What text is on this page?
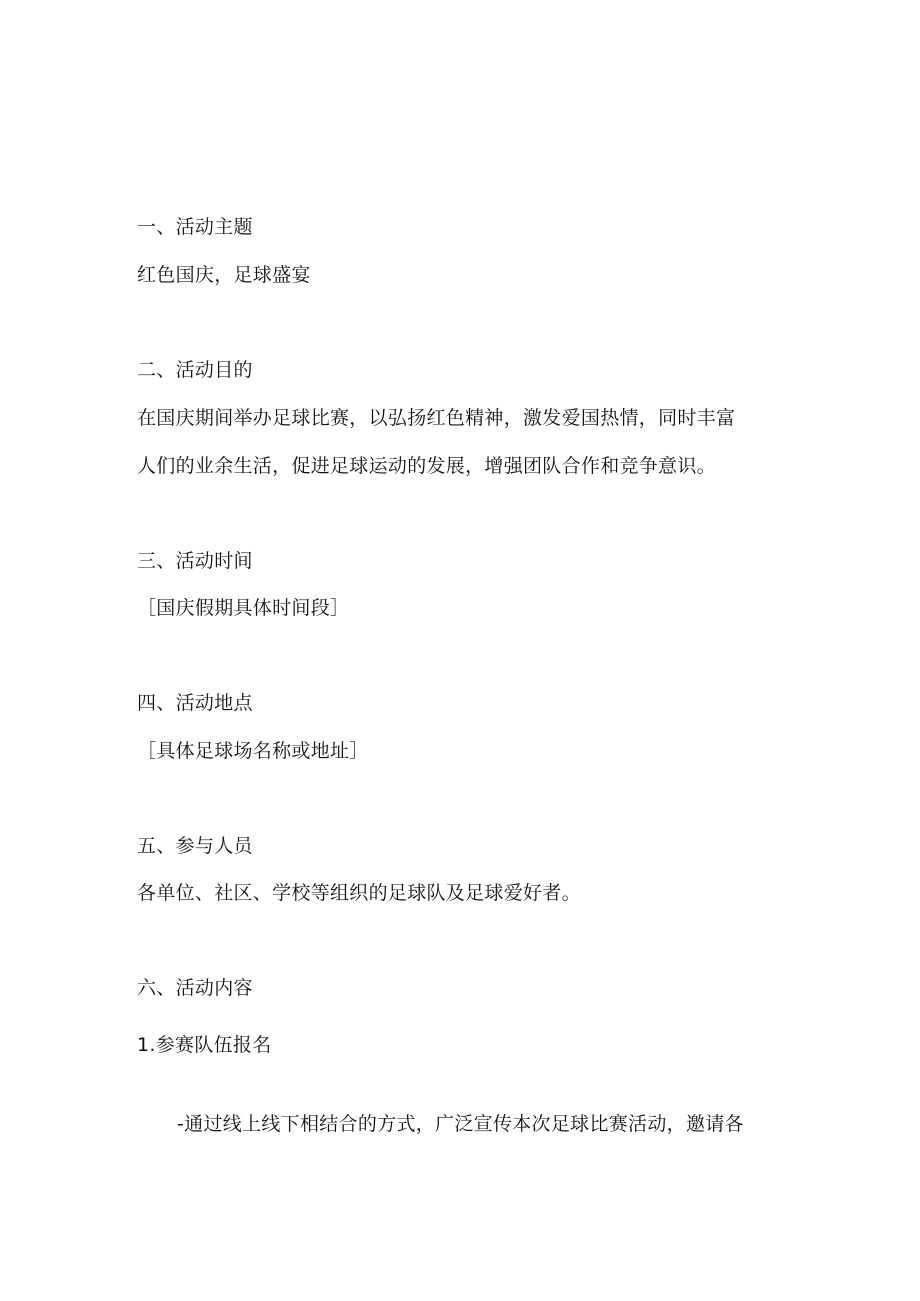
一、活动主题
红色国庆，足球盛宴
二、活动目的
在国庆期间举办足球比赛，以弘扬红色精神，激发爱国热情，同时丰富
人们的业余生活，促进足球运动的发展，增强团队合作和竞争意识。
三、活动时间
［国庆假期具体时间段］
四、活动地点
［具体足球场名称或地址］
五、参与人员
各单位、社区、学校等组织的足球队及足球爱好者。
六、活动内容
1.参赛队伍报名
-通过线上线下相结合的方式，广泛宣传本次足球比赛活动，邀请各
